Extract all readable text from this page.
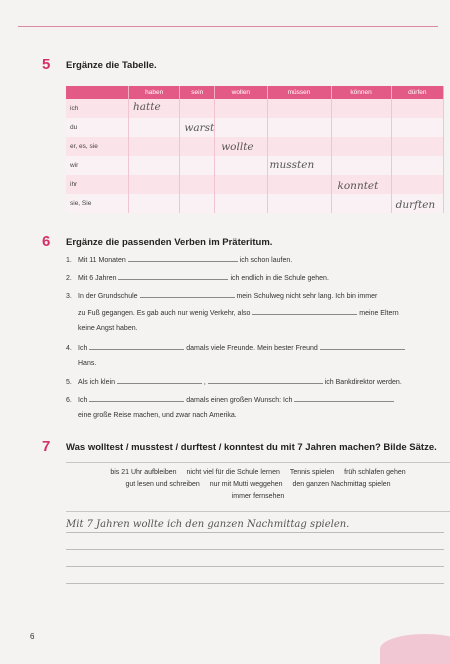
5 Ergänze die Tabelle.
	haben	sein	wollen	müssen	können	dürfen
ich	hatte					

du		warst				

er, es, sie			wollte			

wir				mussten		

ihr					konntet	

sie, Sie						durften
6 Ergänze die passenden Verben im Präteritum.
1. Mit 11 Monaten	ich schon laufen.
2. Mit 6 Jahren	ich endlich in die Schule gehen.
3. In der Grundschule	mein Schulweg nicht sehr lang. Ich bin immer
zu Fuß gegangen. Es gab auch nur wenig Verkehr, also	meine Eltern
keine Angst haben.
4. Ich	damals viele Freunde. Mein bester Freund
Hans.
5. Als ich klein	,	ich Bankdirektor werden.
6. Ich	damals einen großen Wunsch: Ich
eine große Reise machen, und zwar nach Amerika.
7 Was wolltest / musstest / durftest / konntest du mit 7 Jahren machen? Bilde Sätze.
bis 21 Uhr aufbleiben nicht viel für die Schule lernen Tennis spielen früh schlafen gehen
gut lesen und schreiben nur mit Mutti weggehen den ganzen Nachmittag spielen
immer fernsehen
Mit 7 Jahren wollte ich den ganzen Nachmittag spielen.
6
